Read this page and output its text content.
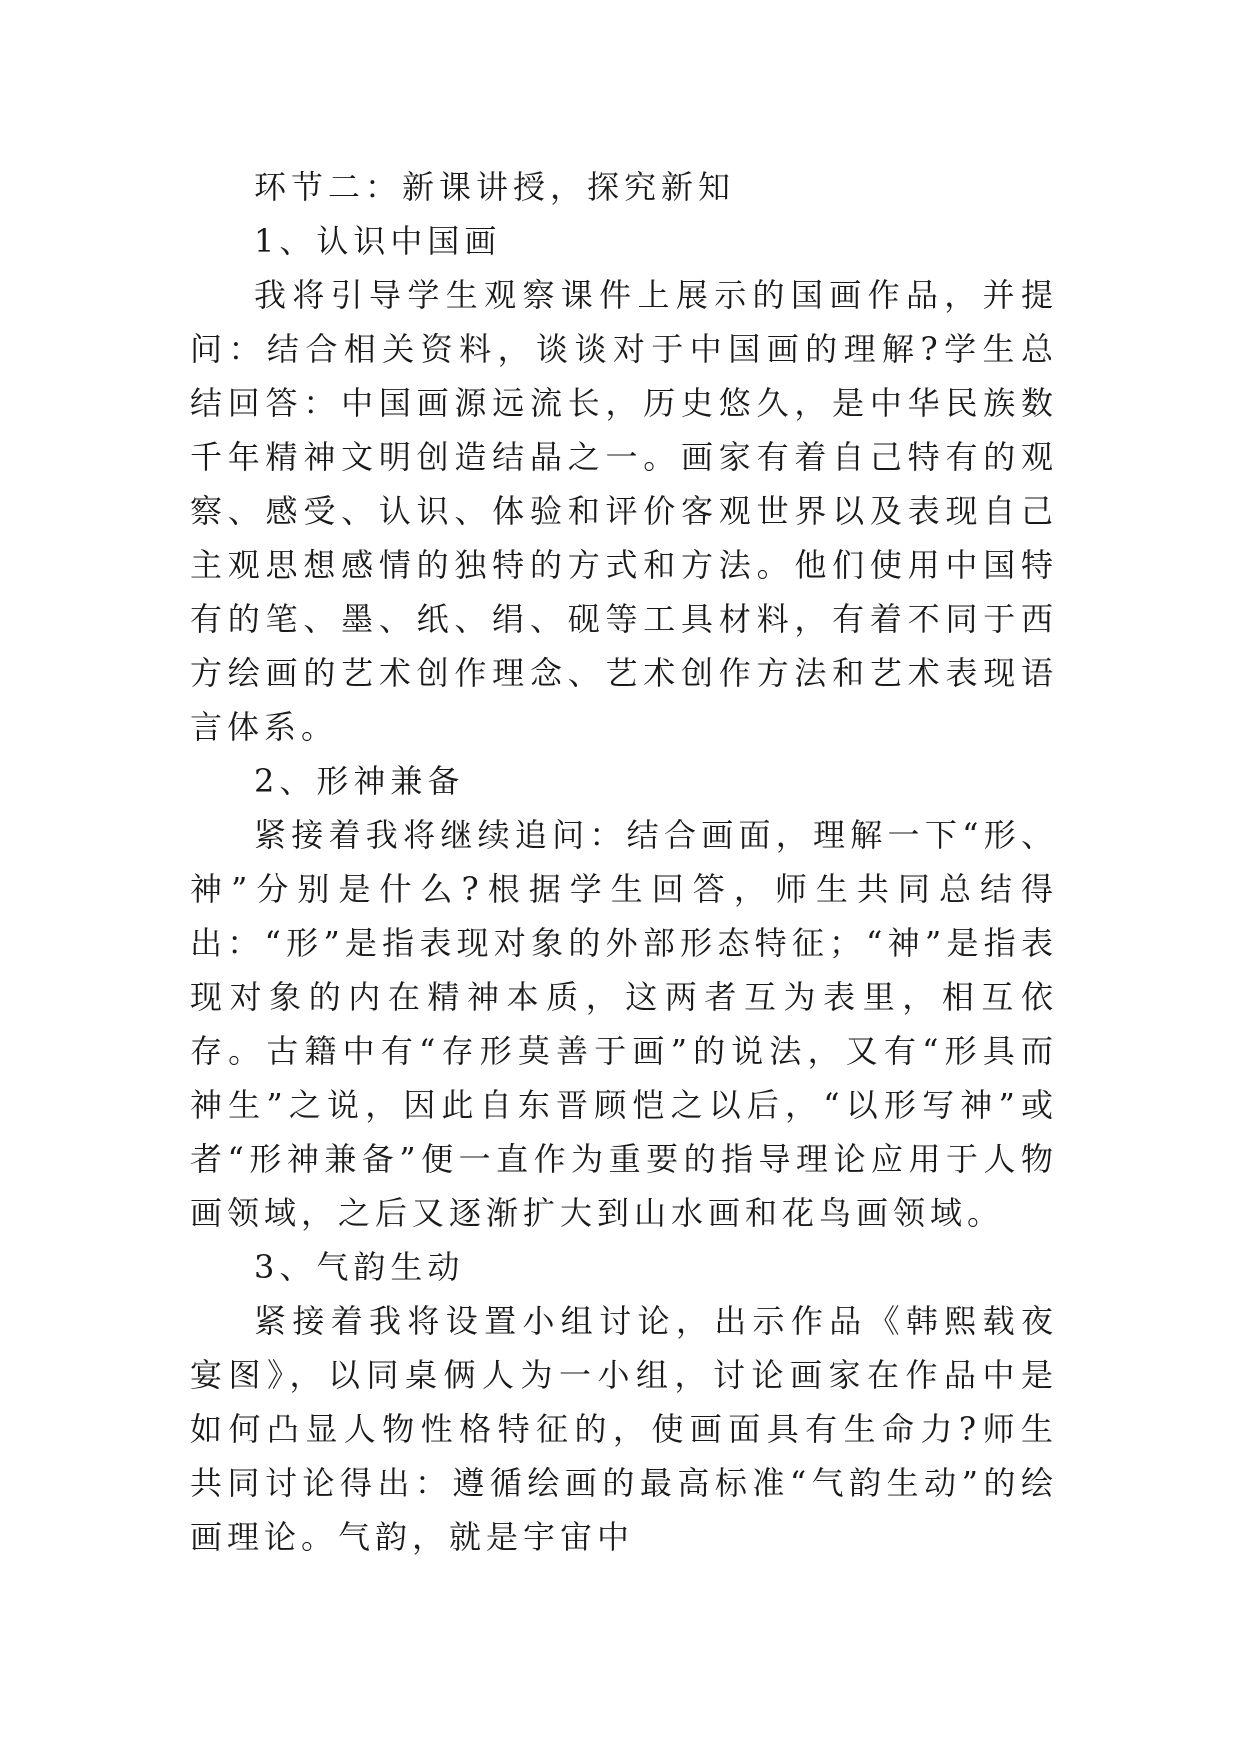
环节二：新课讲授，探究新知

1、认识中国画

我将引导学生观察课件上展示的国画作品，并提问：结合相关资料，谈谈对于中国画的理解?学生总结回答：中国画源远流长，历史悠久，是中华民族数千年精神文明创造结晶之一。画家有着自己特有的观察、感受、认识、体验和评价客观世界以及表现自己主观思想感情的独特的方式和方法。他们使用中国特有的笔、墨、纸、绢、砚等工具材料，有着不同于西方绘画的艺术创作理念、艺术创作方法和艺术表现语言体系。

2、形神兼备

紧接着我将继续追问：结合画面，理解一下“形、神”分别是什么?根据学生回答，师生共同总结得出：“形”是指表现对象的外部形态特征；“神”是指表现对象的内在精神本质，这两者互为表里，相互依存。古籍中有“存形莫善于画”的说法，又有“形具而神生”之说，因此自东晋顾恺之以后，“以形写神”或者“形神兼备”便一直作为重要的指导理论应用于人物画领域，之后又逐渐扩大到山水画和花鸟画领域。

3、气韵生动

紧接着我将设置小组讨论，出示作品《韩熙载夜宴图》，以同桌俩人为一小组，讨论画家在作品中是如何凸显人物性格特征的，使画面具有生命力?师生共同讨论得出：遵循绘画的最高标准“气韵生动”的绘画理论。气韵，就是宇宙中
